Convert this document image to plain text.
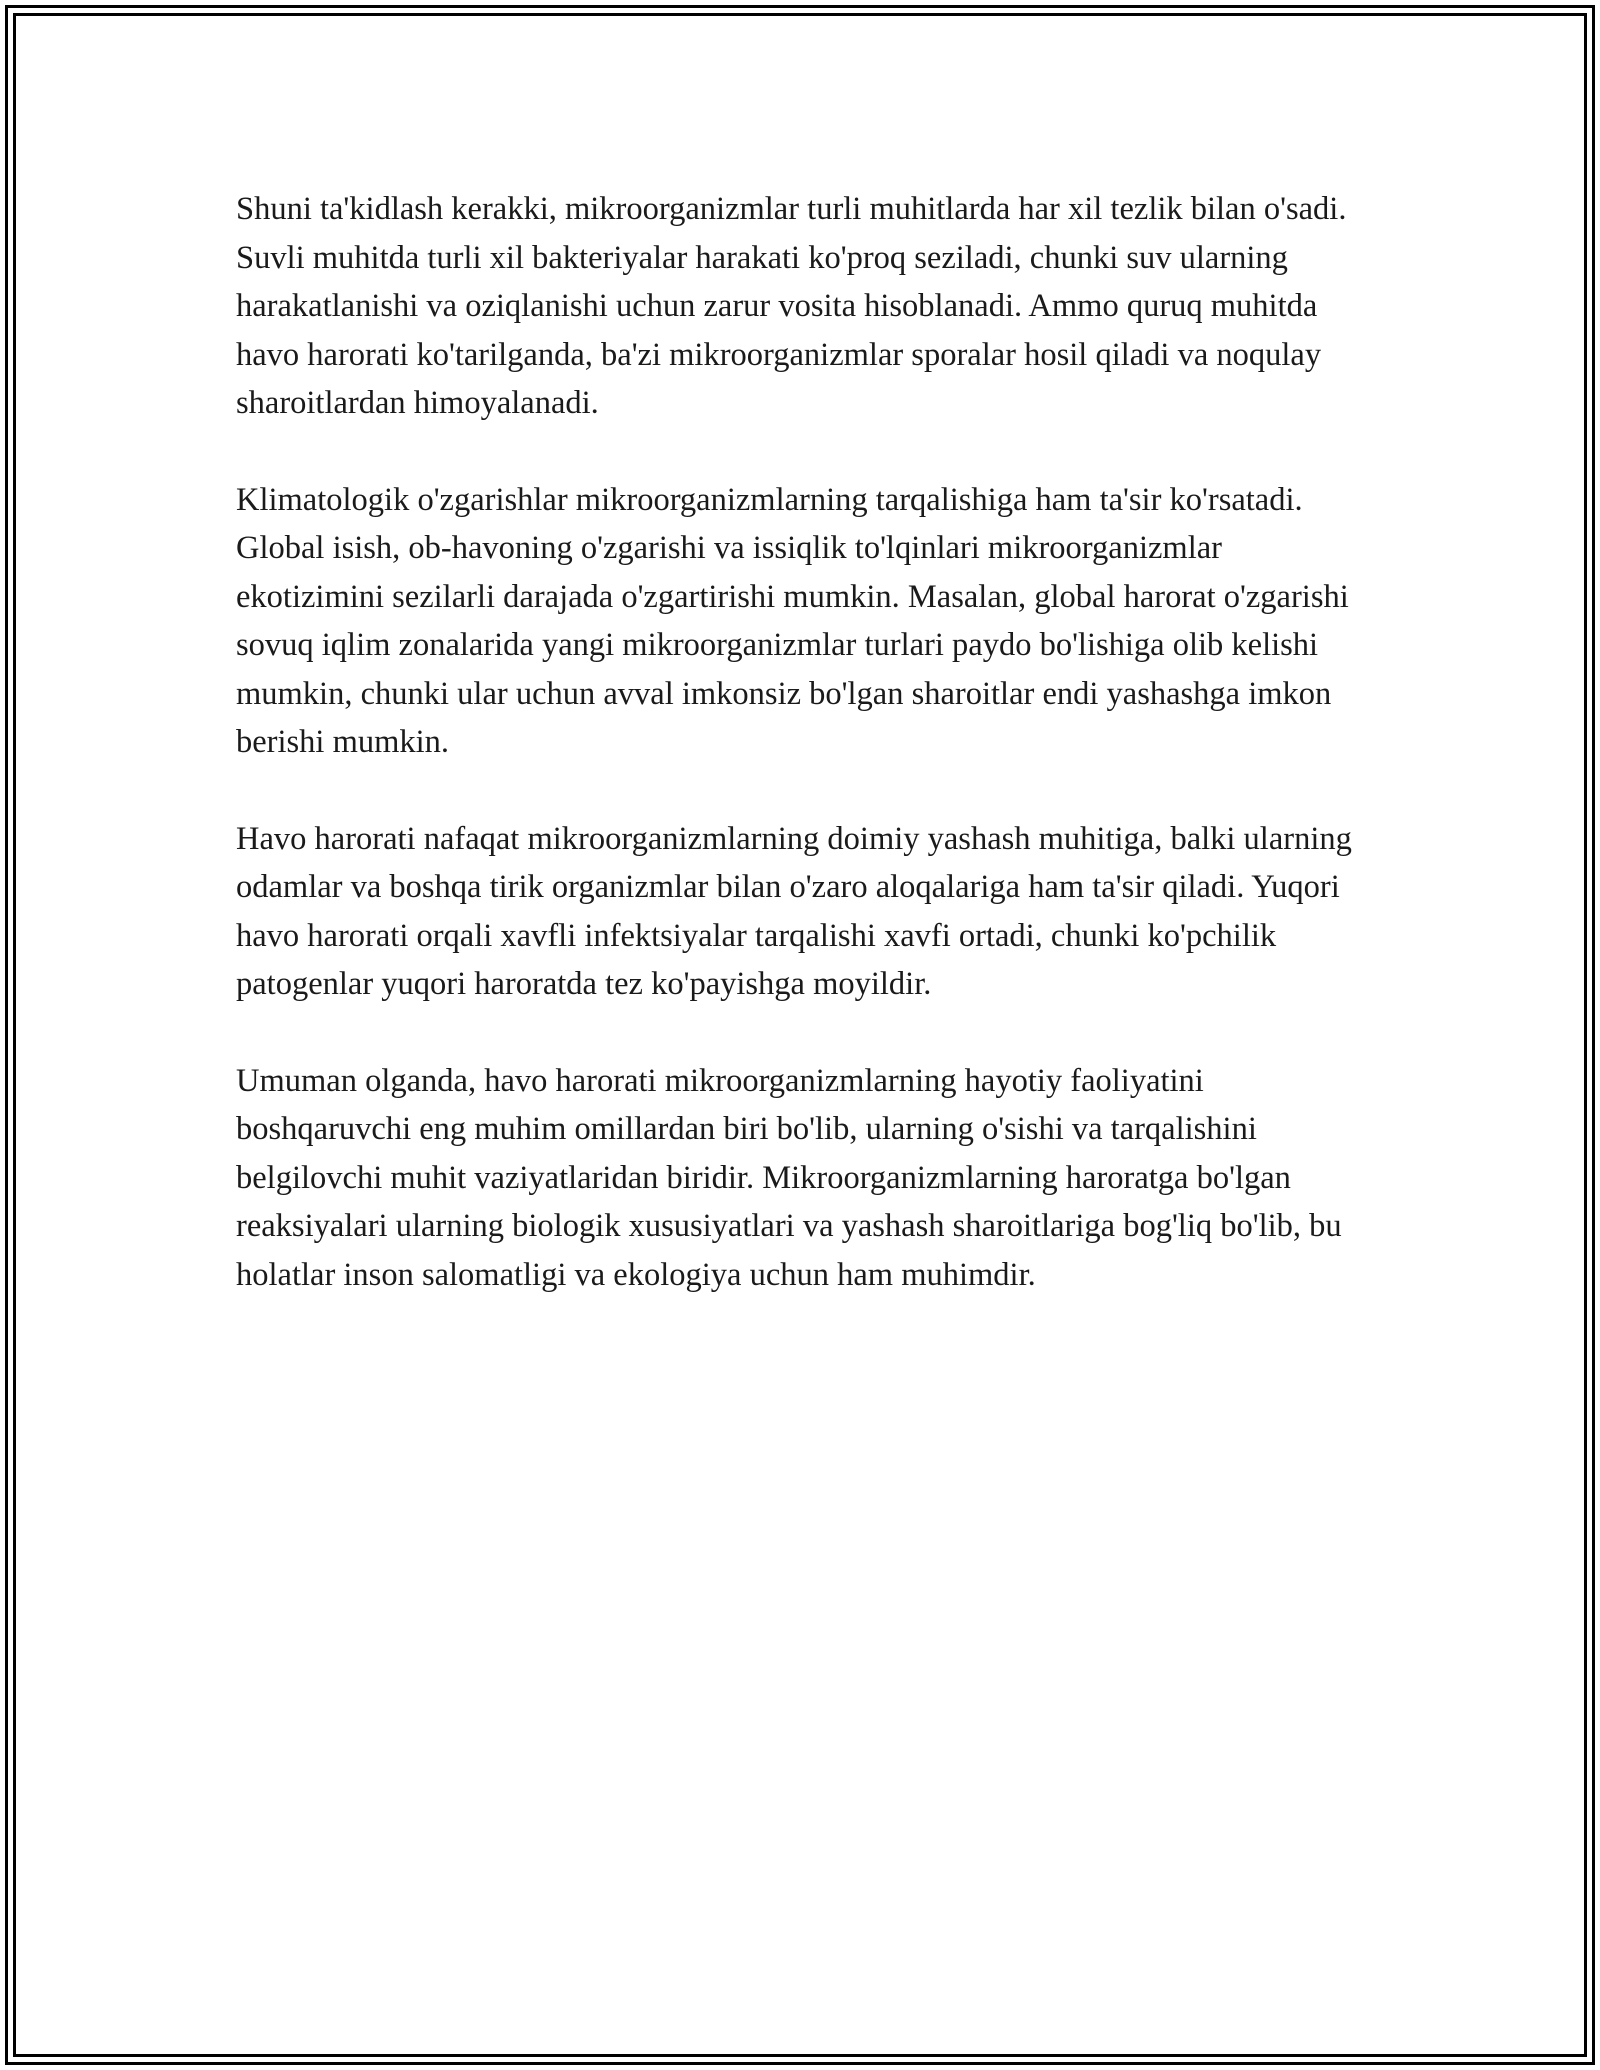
Shuni ta'kidlash kerakki, mikroorganizmlar turli muhitlarda har xil tezlik bilan o'sadi. Suvli muhitda turli xil bakteriyalar harakati ko'proq seziladi, chunki suv ularning harakatlanishi va oziqlanishi uchun zarur vosita hisoblanadi. Ammo quruq muhitda havo harorati ko'tarilganda, ba'zi mikroorganizmlar sporalar hosil qiladi va noqulay sharoitlardan himoyalanadi.

Klimatologik o'zgarishlar mikroorganizmlarning tarqalishiga ham ta'sir ko'rsatadi. Global isish, ob-havoning o'zgarishi va issiqlik to'lqinlari mikroorganizmlar ekotizimini sezilarli darajada o'zgartirishi mumkin. Masalan, global harorat o'zgarishi sovuq iqlim zonalarida yangi mikroorganizmlar turlari paydo bo'lishiga olib kelishi mumkin, chunki ular uchun avval imkonsiz bo'lgan sharoitlar endi yashashga imkon berishi mumkin.

Havo harorati nafaqat mikroorganizmlarning doimiy yashash muhitiga, balki ularning odamlar va boshqa tirik organizmlar bilan o'zaro aloqalariga ham ta'sir qiladi. Yuqori havo harorati orqali xavfli infektsiyalar tarqalishi xavfi ortadi, chunki ko'pchilik patogenlar yuqori haroratda tez ko'payishga moyildir.

Umuman olganda, havo harorati mikroorganizmlarning hayotiy faoliyatini boshqaruvchi eng muhim omillardan biri bo'lib, ularning o'sishi va tarqalishini belgilovchi muhit vaziyatlaridan biridir. Mikroorganizmlarning haroratga bo'lgan reaksiyalari ularning biologik xususiyatlari va yashash sharoitlariga bog'liq bo'lib, bu holatlar inson salomatligi va ekologiya uchun ham muhimdir.
